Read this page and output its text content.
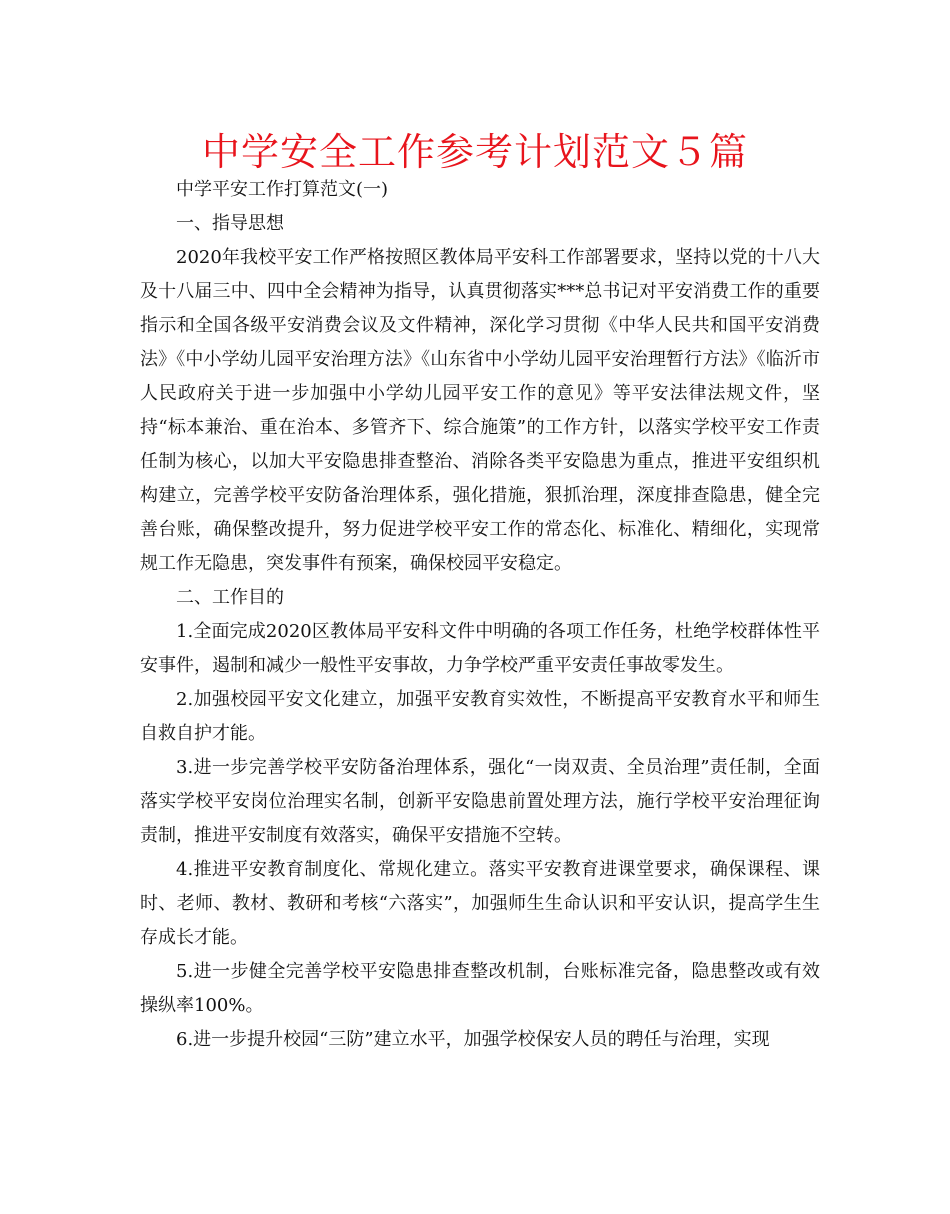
中学安全工作参考计划范文５篇

中学平安工作打算范文(一)

一、指导思想

2020年我校平安工作严格按照区教体局平安科工作部署要求，坚持以党的十八大及十八届三中、四中全会精神为指导，认真贯彻落实***总书记对平安消费工作的重要指示和全国各级平安消费会议及文件精神，深化学习贯彻《中华人民共和国平安消费法》《中小学幼儿园平安治理方法》《山东省中小学幼儿园平安治理暂行方法》《临沂市人民政府关于进一步加强中小学幼儿园平安工作的意见》等平安法律法规文件，坚持“标本兼治、重在治本、多管齐下、综合施策”的工作方针，以落实学校平安工作责任制为核心，以加大平安隐患排查整治、消除各类平安隐患为重点，推进平安组织机构建立，完善学校平安防备治理体系，强化措施，狠抓治理，深度排查隐患，健全完善台账，确保整改提升，努力促进学校平安工作的常态化、标准化、精细化，实现常规工作无隐患，突发事件有预案，确保校园平安稳定。

二、工作目的

1.全面完成2020区教体局平安科文件中明确的各项工作任务，杜绝学校群体性平安事件，遏制和减少一般性平安事故，力争学校严重平安责任事故零发生。

2.加强校园平安文化建立，加强平安教育实效性，不断提高平安教育水平和师生自救自护才能。

3.进一步完善学校平安防备治理体系，强化“一岗双责、全员治理”责任制，全面落实学校平安岗位治理实名制，创新平安隐患前置处理方法，施行学校平安治理征询责制，推进平安制度有效落实，确保平安措施不空转。

4.推进平安教育制度化、常规化建立。落实平安教育进课堂要求，确保课程、课时、老师、教材、教研和考核“六落实”，加强师生生命认识和平安认识，提高学生生存成长才能。

5.进一步健全完善学校平安隐患排查整改机制，台账标准完备，隐患整改或有效操纵率100%。

6.进一步提升校园“三防”建立水平，加强学校保安人员的聘任与治理，实现
